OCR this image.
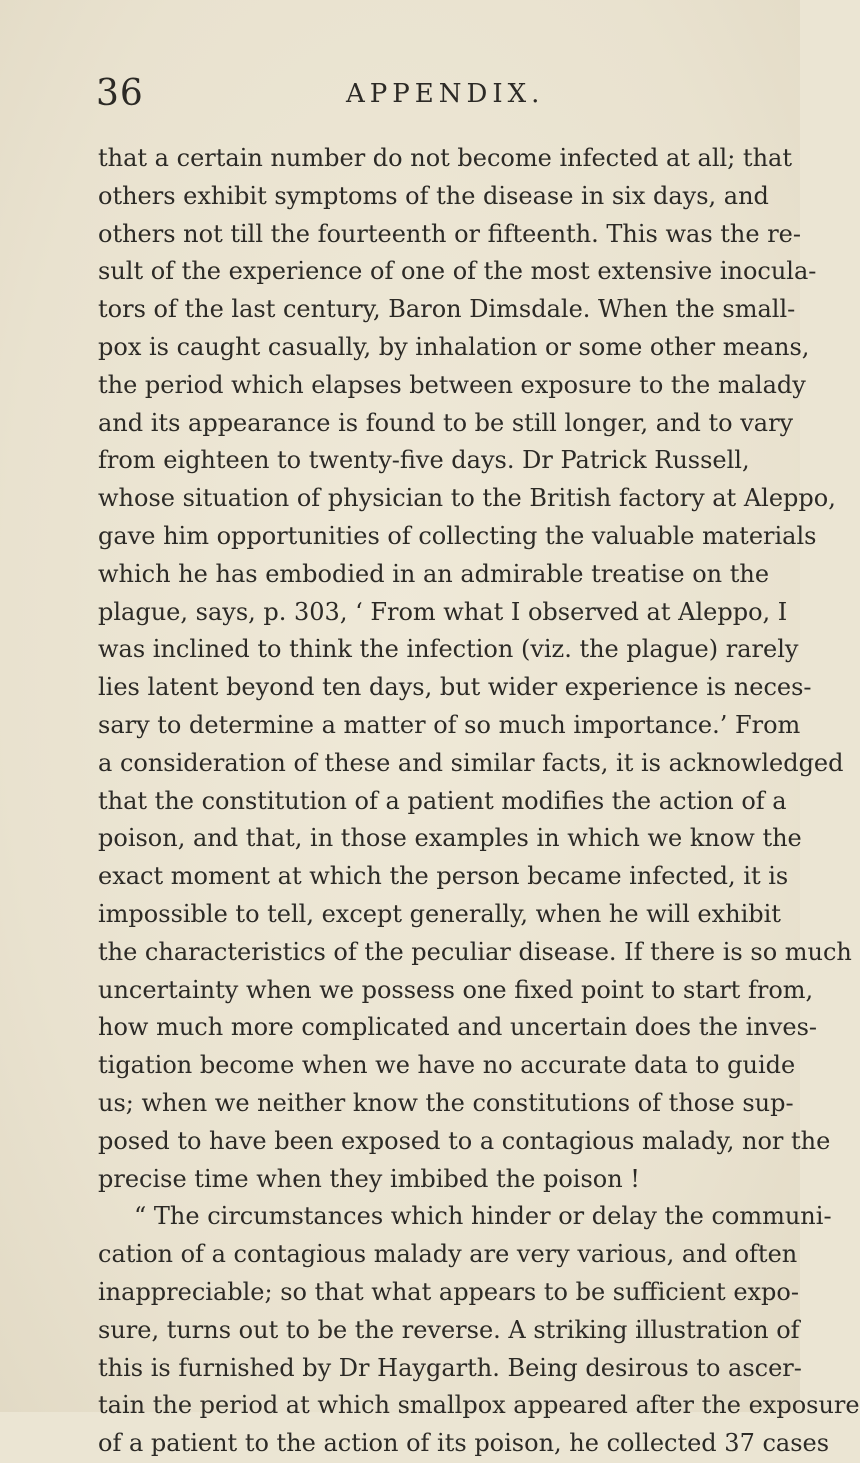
36	APPENDIX.
that a certain number do not become infected at all; that
others exhibit symptoms of the disease in six days, and
others not till the fourteenth or fifteenth. This was the re-
sult of the experience of one of the most extensive inocula-
tors of the last century, Baron Dimsdale. When the small-
pox is caught casually, by inhalation or some other means,
the period which elapses between exposure to the malady
and its appearance is found to be still longer, and to vary
from eighteen to twenty-five days. Dr Patrick Russell,
whose situation of physician to the British factory at Aleppo,
gave him opportunities of collecting the valuable materials
which he has embodied in an admirable treatise on the
plague, says, p. 303, ‘ From what I observed at Aleppo, I
was inclined to think the infection (viz. the plague) rarely
lies latent beyond ten days, but wider experience is neces-
sary to determine a matter of so much importance.’ From
a consideration of these and similar facts, it is acknowledged
that the constitution of a patient modifies the action of a
poison, and that, in those examples in which we know the
exact moment at which the person became infected, it is
impossible to tell, except generally, when he will exhibit
the characteristics of the peculiar disease. If there is so much
uncertainty when we possess one fixed point to start from,
how much more complicated and uncertain does the inves-
tigation become when we have no accurate data to guide
us; when we neither know the constitutions of those sup-
posed to have been exposed to a contagious malady, nor the
precise time when they imbibed the poison !
“ The circumstances which hinder or delay the communi-
cation of a contagious malady are very various, and often
inappreciable; so that what appears to be sufficient expo-
sure, turns out to be the reverse. A striking illustration of
this is furnished by Dr Haygarth. Being desirous to ascer-
tain the period at which smallpox appeared after the exposure
of a patient to the action of its poison, he collected 37 cases
